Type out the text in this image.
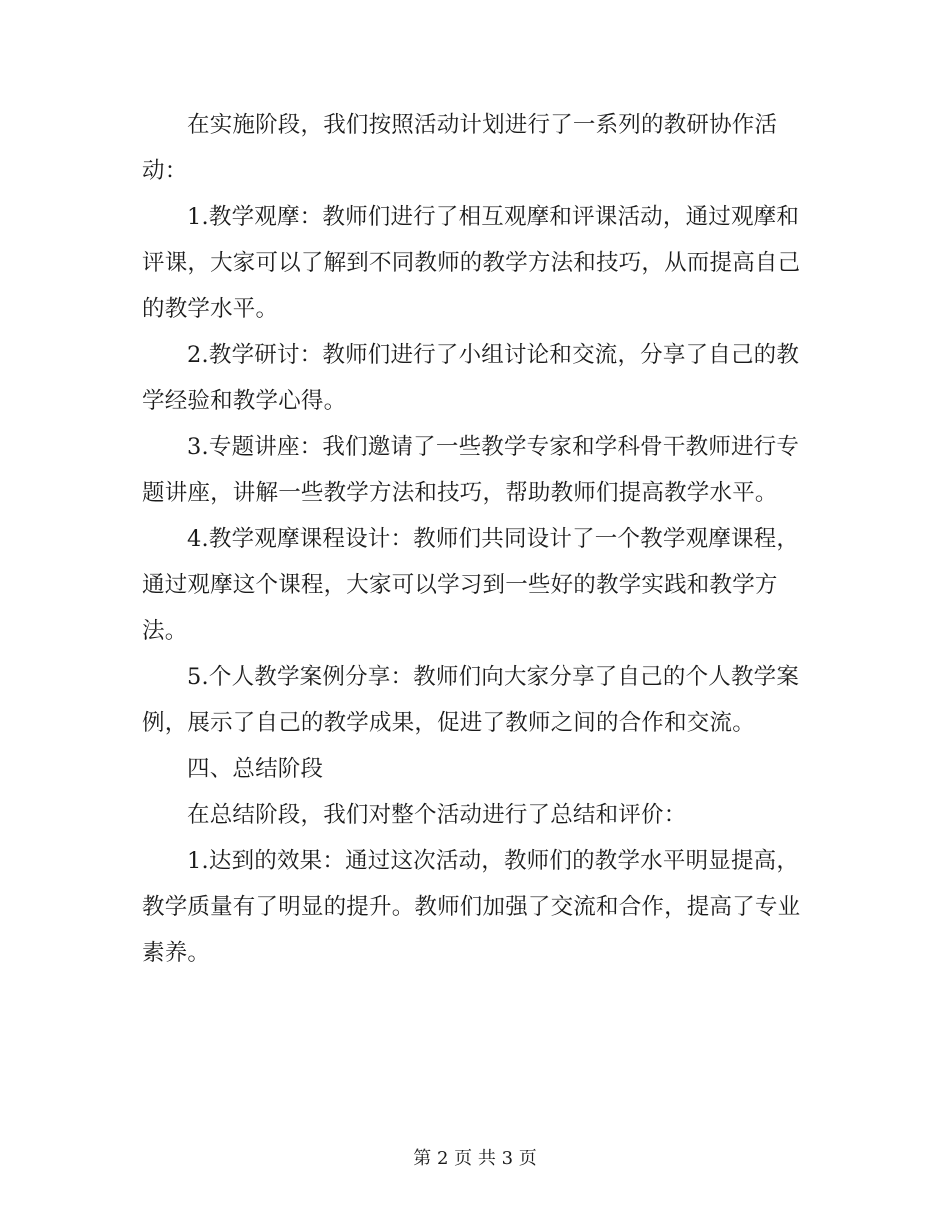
在实施阶段，我们按照活动计划进行了一系列的教研协作活动：

1.教学观摩：教师们进行了相互观摩和评课活动，通过观摩和评课，大家可以了解到不同教师的教学方法和技巧，从而提高自己的教学水平。

2.教学研讨：教师们进行了小组讨论和交流，分享了自己的教学经验和教学心得。

3.专题讲座：我们邀请了一些教学专家和学科骨干教师进行专题讲座，讲解一些教学方法和技巧，帮助教师们提高教学水平。

4.教学观摩课程设计：教师们共同设计了一个教学观摩课程，通过观摩这个课程，大家可以学习到一些好的教学实践和教学方法。

5.个人教学案例分享：教师们向大家分享了自己的个人教学案例，展示了自己的教学成果，促进了教师之间的合作和交流。

四、总结阶段

在总结阶段，我们对整个活动进行了总结和评价：

1.达到的效果：通过这次活动，教师们的教学水平明显提高，教学质量有了明显的提升。教师们加强了交流和合作，提高了专业素养。

第 2 页 共 3 页
